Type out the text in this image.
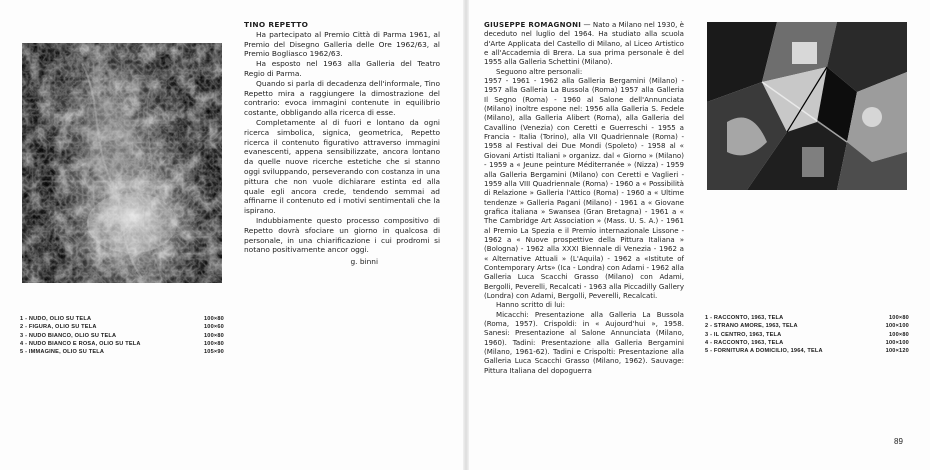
1 - NUDO, OLIO SU TELA	100×80
2 - FIGURA, OLIO SU TELA	100×60
3 - NUDO BIANCO, OLIO SU TELA	100×80
4 - NUDO BIANCO E ROSA, OLIO SU TELA	100×80
5 - IMMAGINE, OLIO SU TELA	105×90

TINO REPETTO

Ha partecipato al Premio Città di Parma 1961, al Premio del Disegno Galleria delle Ore 1962/63, al Premio Bogliasco 1962/63.

Ha esposto nel 1963 alla Galleria del Teatro Regio di Parma.

Quando si parla di decadenza dell'informale, Tino Repetto mira a raggiungere la dimostrazione del contrario: evoca immagini contenute in equilibrio costante, obbligando alla ricerca di esse.

Completamente al di fuori e lontano da ogni ricerca simbolica, signica, geometrica, Repetto ricerca il contenuto figurativo attraverso immagini evanescenti, appena sensibilizzate, ancora lontano da quelle nuove ricerche estetiche che si stanno oggi sviluppando, perseverando con costanza in una pittura che non vuole dichiarare estinta ed alla quale egli ancora crede, tendendo semmai ad affinarne il contenuto ed i motivi sentimentali che la ispirano.

Indubbiamente questo processo compositivo di Repetto dovrà sfociare un giorno in qualcosa di personale, in una chiarificazione i cui prodromi si notano positivamente ancor oggi.

g. binni

GIUSEPPE ROMAGNONI — Nato a Milano nel 1930, è deceduto nel luglio del 1964. Ha studiato alla scuola d'Arte Applicata del Castello di Milano, al Liceo Artistico e all'Accademia di Brera. La sua prima personale è del 1955 alla Galleria Schettini (Milano).

Seguono altre personali:

1957 - 1961 - 1962 alla Galleria Bergamini (Milano) - 1957 alla Galleria La Bussola (Roma) 1957 alla Galleria Il Segno (Roma) - 1960 al Salone dell'Annunciata (Milano) inoltre espone nel: 1956 alla Galleria S. Fedele (Milano), alla Galleria Alibert (Roma), alla Galleria del Cavallino (Venezia) con Ceretti e Guerreschi - 1955 a Francia - Italia (Torino), alla VII Quadriennale (Roma) - 1958 al Festival dei Due Mondi (Spoleto) - 1958 al « Giovani Artisti Italiani » organizz. dal « Giorno » (Milano) - 1959 a « Jeune peinture Méditerranée » (Nizza) - 1959 alla Galleria Bergamini (Milano) con Ceretti e Vaglieri - 1959 alla VIII Quadriennale (Roma) - 1960 a « Possibilità di Relazione » Galleria l'Attico (Roma) - 1960 a « Ultime tendenze » Galleria Pagani (Milano) - 1961 a « Giovane grafica italiana » Swansea (Gran Bretagna) - 1961 a « The Cambridge Art Association » (Mass. U. S. A.) - 1961 al Premio La Spezia e il Premio internazionale Lissone - 1962 a « Nuove prospettive della Pittura Italiana » (Bologna) - 1962 alla XXXI Biennale di Venezia - 1962 a « Alternative Attuali » (L'Aquila) - 1962 a «Istitute of Contemporary Arts» (Ica - Londra) con Adami - 1962 alla Galleria Luca Scacchi Grasso (Milano) con Adami, Bergolli, Peverelli, Recalcati - 1963 alla Piccadilly Gallery (Londra) con Adami, Bergolli, Peverelli, Recalcati.

Hanno scritto di lui:

Micacchi: Presentazione alla Galleria La Bussola (Roma, 1957). Crispoldi: in « Aujourd'hui », 1958. Sanesi: Presentazione al Salone Annunciata (Milano, 1960). Tadini: Presentazione alla Galleria Bergamini (Milano, 1961-62). Tadini e Crispolti: Presentazione alla Galleria Luca Scacchi Grasso (Milano, 1962). Sauvage: Pittura Italiana del dopoguerra

1 - RACCONTO, 1963, TELA	100×80
2 - STRANO AMORE, 1963, TELA	100×100
3 - IL CENTRO, 1963, TELA	100×80
4 - RACCONTO, 1963, TELA	100×100
5 - FORNITURA A DOMICILIO, 1964, TELA	100×120
89
